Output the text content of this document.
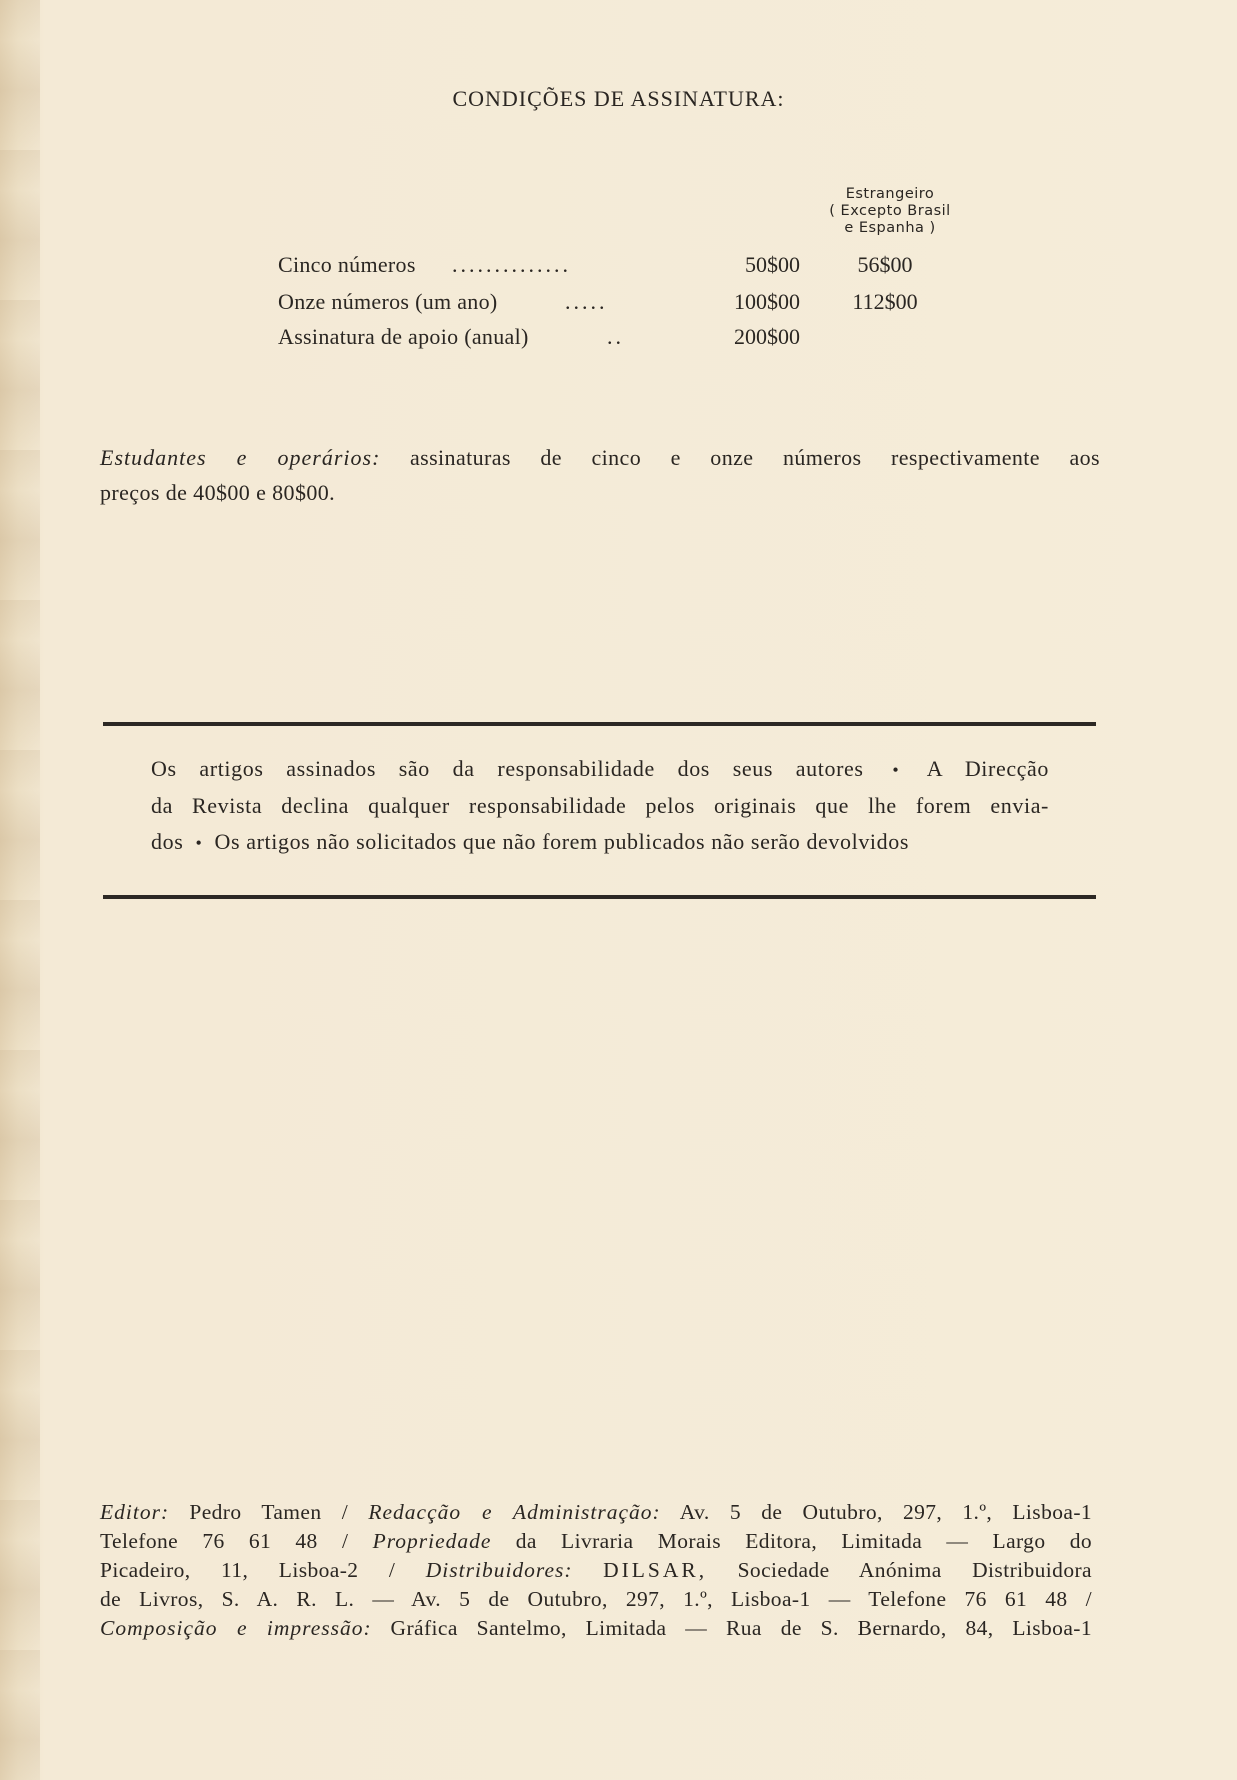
CONDIÇÕES DE ASSINATURA:
Estrangeiro
( Excepto Brasil
e Espanha )
Cinco números ..............	50$00	56$00
Onze números (um ano)	.....	100$00	112$00
Assinatura de apoio (anual)	..	200$00
Estudantes e operários: assinaturas de cinco e onze números respectivamente aos
preços de 40$00 e 80$00.
Os artigos assinados são da responsabilidade dos seus autores • A Direcção
da Revista declina qualquer responsabilidade pelos originais que lhe forem envia-
dos • Os artigos não solicitados que não forem publicados não serão devolvidos
Editor: Pedro Tamen / Redacção e Administração: Av. 5 de Outubro, 297, 1.º, Lisboa-1
Telefone 76 61 48 / Propriedade da Livraria Morais Editora, Limitada — Largo do
Picadeiro, 11, Lisboa-2 / Distribuidores: DILSAR, Sociedade Anónima Distribuidora
de Livros, S. A. R. L. — Av. 5 de Outubro, 297, 1.º, Lisboa-1 — Telefone 76 61 48 /
Composição e impressão: Gráfica Santelmo, Limitada — Rua de S. Bernardo, 84, Lisboa-1
